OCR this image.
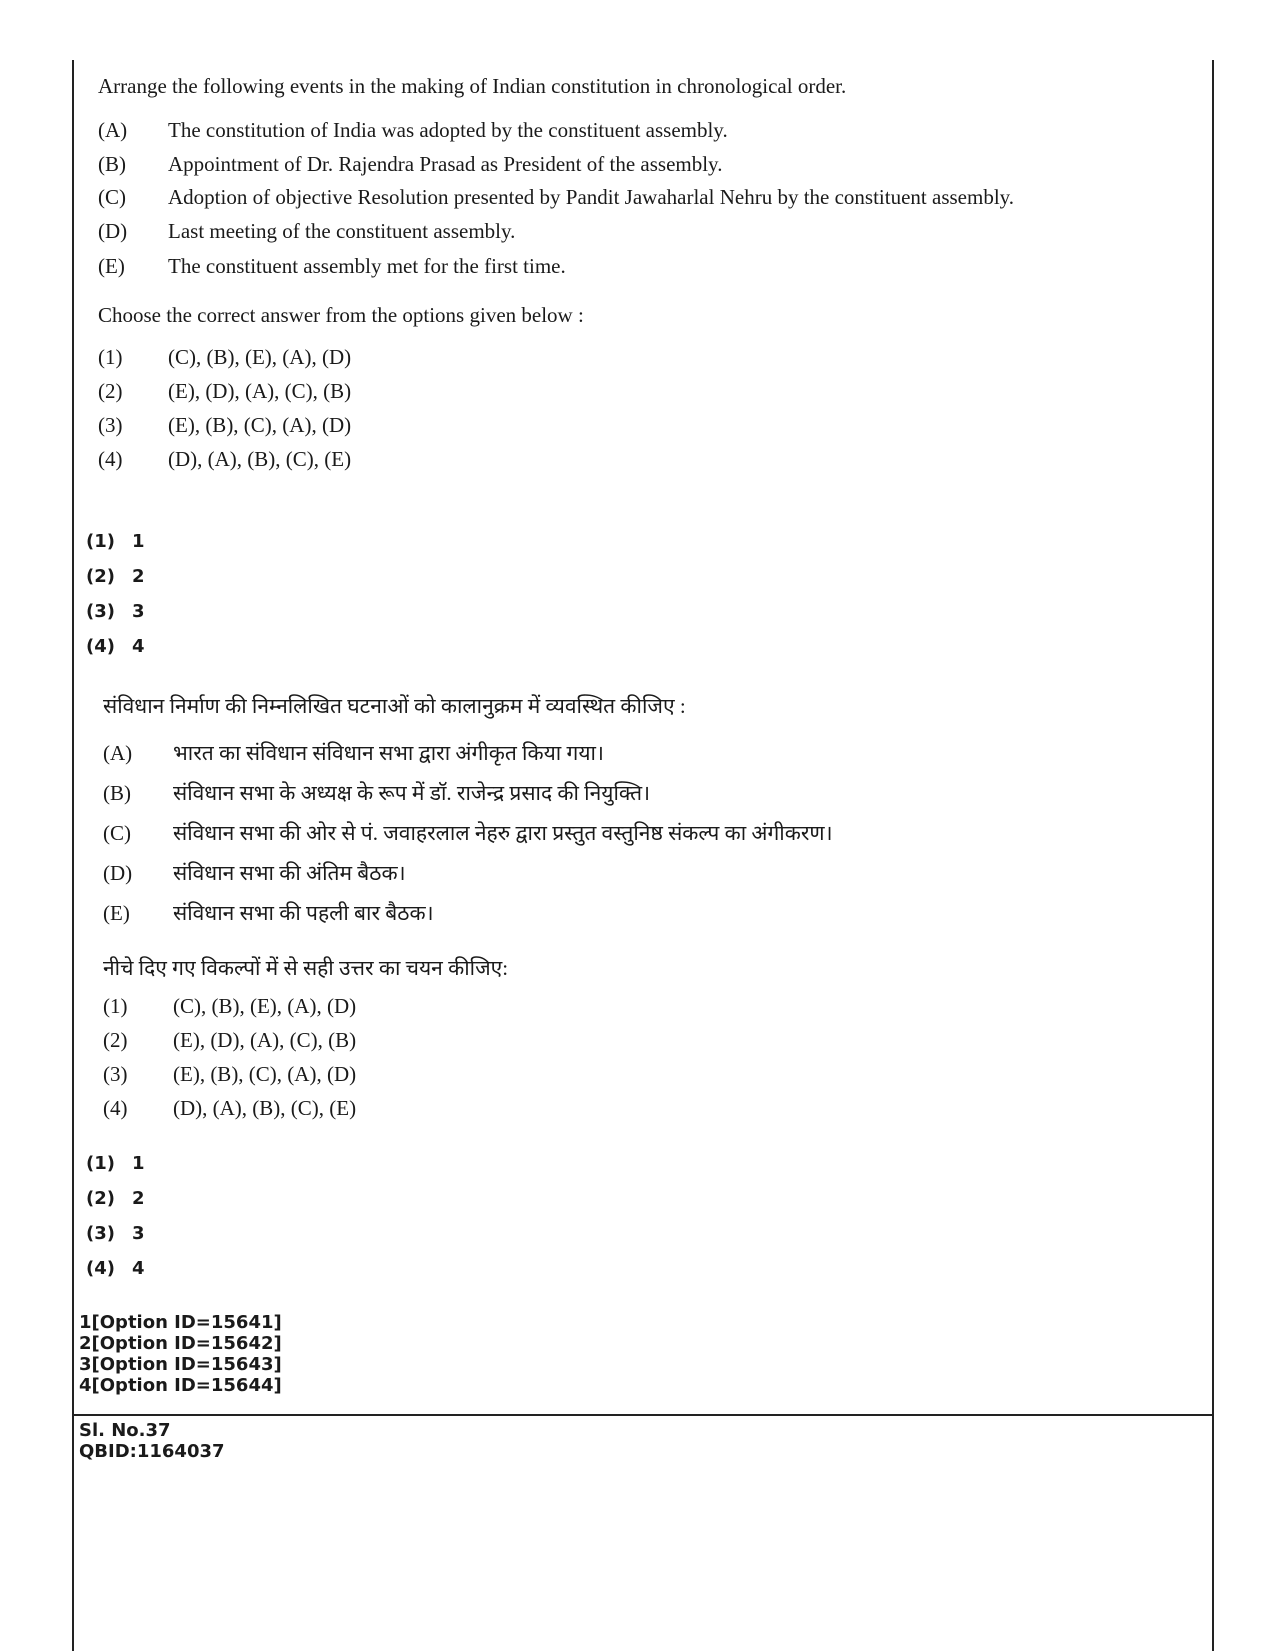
Arrange the following events in the making of Indian constitution in chronological order.

(A) The constitution of India was adopted by the constituent assembly.
(B) Appointment of Dr. Rajendra Prasad as President of the assembly.
(C) Adoption of objective Resolution presented by Pandit Jawaharlal Nehru by the constituent assembly.
(D) Last meeting of the constituent assembly.
(E) The constituent assembly met for the first time.

Choose the correct answer from the options given below :

(1) (C), (B), (E), (A), (D)
(2) (E), (D), (A), (C), (B)
(3) (E), (B), (C), (A), (D)
(4) (D), (A), (B), (C), (E)
(1) 1
(2) 2
(3) 3
(4) 4

संविधान निर्माण की निम्नलिखित घटनाओं को कालानुक्रम में व्यवस्थित कीजिए :

(A) भारत का संविधान संविधान सभा द्वारा अंगीकृत किया गया।
(B) संविधान सभा के अध्यक्ष के रूप में डॉ. राजेन्द्र प्रसाद की नियुक्ति।
(C) संविधान सभा की ओर से पं. जवाहरलाल नेहरु द्वारा प्रस्तुत वस्तुनिष्ठ संकल्प का अंगीकरण।
(D) संविधान सभा की अंतिम बैठक।
(E) संविधान सभा की पहली बार बैठक।

नीचे दिए गए विकल्पों में से सही उत्तर का चयन कीजिए:

(1) (C), (B), (E), (A), (D)
(2) (E), (D), (A), (C), (B)
(3) (E), (B), (C), (A), (D)
(4) (D), (A), (B), (C), (E)
(1) 1
(2) 2
(3) 3
(4) 4
1[Option ID=15641]
2[Option ID=15642]
3[Option ID=15643]
4[Option ID=15644]
Sl. No.37
QBID:1164037
